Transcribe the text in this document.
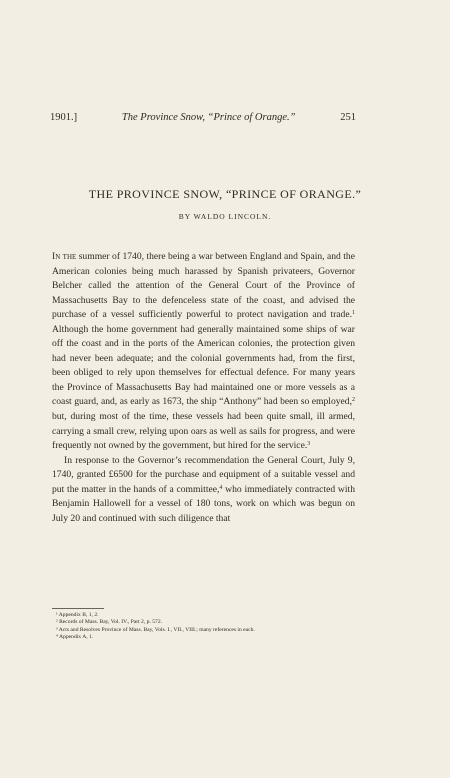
1901.]	The Province Snow, “Prince of Orange.”	251
THE PROVINCE SNOW, “PRINCE OF ORANGE.”
BY WALDO LINCOLN.

In the summer of 1740, there being a war between England and Spain, and the American colonies being much harassed by Spanish privateers, Governor Belcher called the attention of the General Court of the Province of Massachusetts Bay to the defenceless state of the coast, and advised the purchase of a vessel sufficiently powerful to protect navigation and trade.$^1$ Although the home government had generally maintained some ships of war off the coast and in the ports of the American colonies, the protection given had never been adequate; and the colonial governments had, from the first, been obliged to rely upon themselves for effectual defence. For many years the Province of Massachusetts Bay had maintained one or more vessels as a coast guard, and, as early as 1673, the ship “Anthony” had been so employed,$^2$ but, during most of the time, these vessels had been quite small, ill armed, carrying a small crew, relying upon oars as well as sails for progress, and were frequently not owned by the government, but hired for the service.$^3$

In response to the Governor’s recommendation the General Court, July 9, 1740, granted £6500 for the purchase and equipment of a suitable vessel and put the matter in the hands of a committee,$^4$ who immediately contracted with Benjamin Hallowell for a vessel of 180 tons, work on which was begun on July 20 and continued with such diligence that

¹ Appendix B, 1, 2.
² Records of Mass. Bay, Vol. IV., Part 2, p. 572.
³ Acts and Resolves Province of Mass. Bay, Vols. I., VII., VIII.; many references in each.
⁴ Appendix A, 1.
